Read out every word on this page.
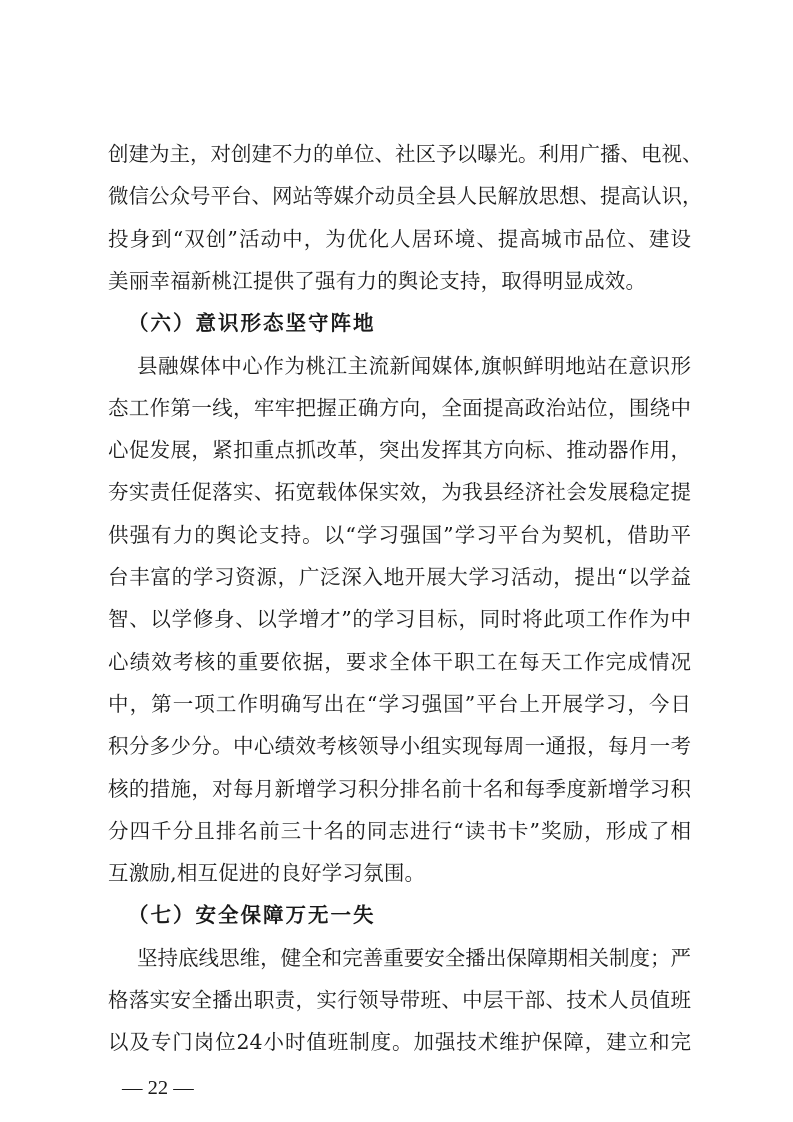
创建为主，对创建不力的单位、社区予以曝光。利用广播、电视、
微信公众号平台、网站等媒介动员全县人民解放思想、提高认识，
投身到“双创”活动中，为优化人居环境、提高城市品位、建设
美丽幸福新桃江提供了强有力的舆论支持，取得明显成效。
（六）意识形态坚守阵地
县融媒体中心作为桃江主流新闻媒体,旗帜鲜明地站在意识形
态工作第一线，牢牢把握正确方向，全面提高政治站位，围绕中
心促发展，紧扣重点抓改革，突出发挥其方向标、推动器作用，
夯实责任促落实、拓宽载体保实效，为我县经济社会发展稳定提
供强有力的舆论支持。以“学习强国”学习平台为契机，借助平
台丰富的学习资源，广泛深入地开展大学习活动，提出“以学益
智、以学修身、以学增才”的学习目标，同时将此项工作作为中
心绩效考核的重要依据，要求全体干职工在每天工作完成情况
中，第一项工作明确写出在“学习强国”平台上开展学习，今日
积分多少分。中心绩效考核领导小组实现每周一通报，每月一考
核的措施，对每月新增学习积分排名前十名和每季度新增学习积
分四千分且排名前三十名的同志进行“读书卡”奖励，形成了相
互激励,相互促进的良好学习氛围。
（七）安全保障万无一失
坚持底线思维，健全和完善重要安全播出保障期相关制度；严
格落实安全播出职责，实行领导带班、中层干部、技术人员值班
以及专门岗位24小时值班制度。加强技术维护保障，建立和完
— 22 —
